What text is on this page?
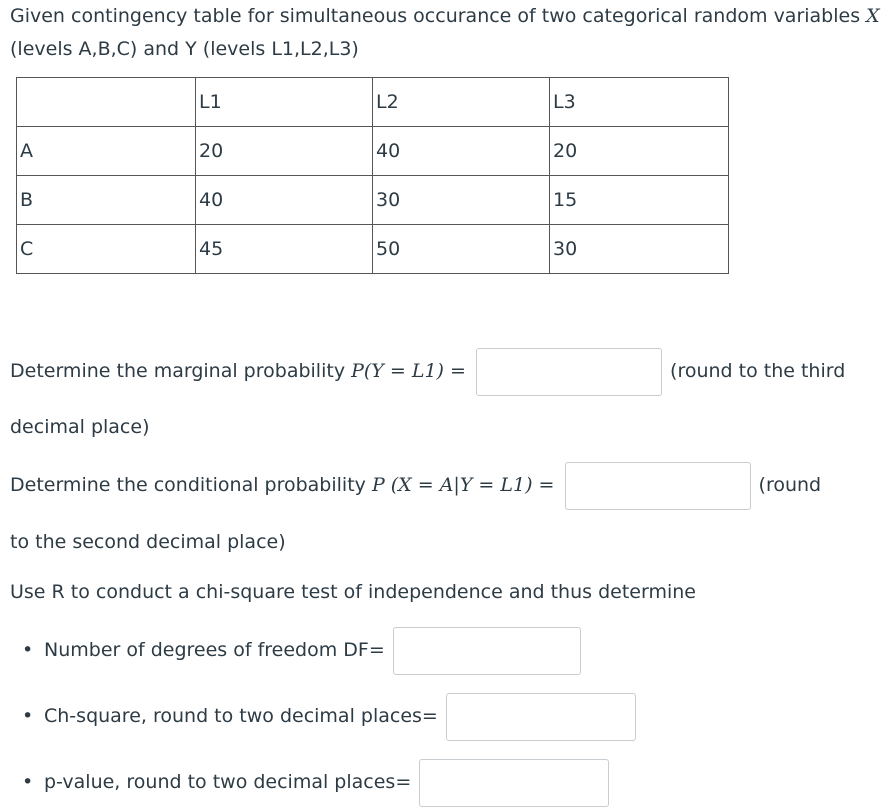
Given contingency table for simultaneous occurance of two categorical random variables X (levels A,B,C) and Y (levels L1,L2,L3)
	L1	L2	L3
A	20	40	20
B	40	30	15
C	45	50	30
Determine the marginal probability P(Y = L1) =	(round to the third
decimal place)
Determine the conditional probability P (X = A|Y = L1) =	(round
to the second decimal place)
Use R to conduct a chi-square test of independence and thus determine
• Number of degrees of freedom DF=
• Ch-square, round to two decimal places=
• p-value, round to two decimal places=
